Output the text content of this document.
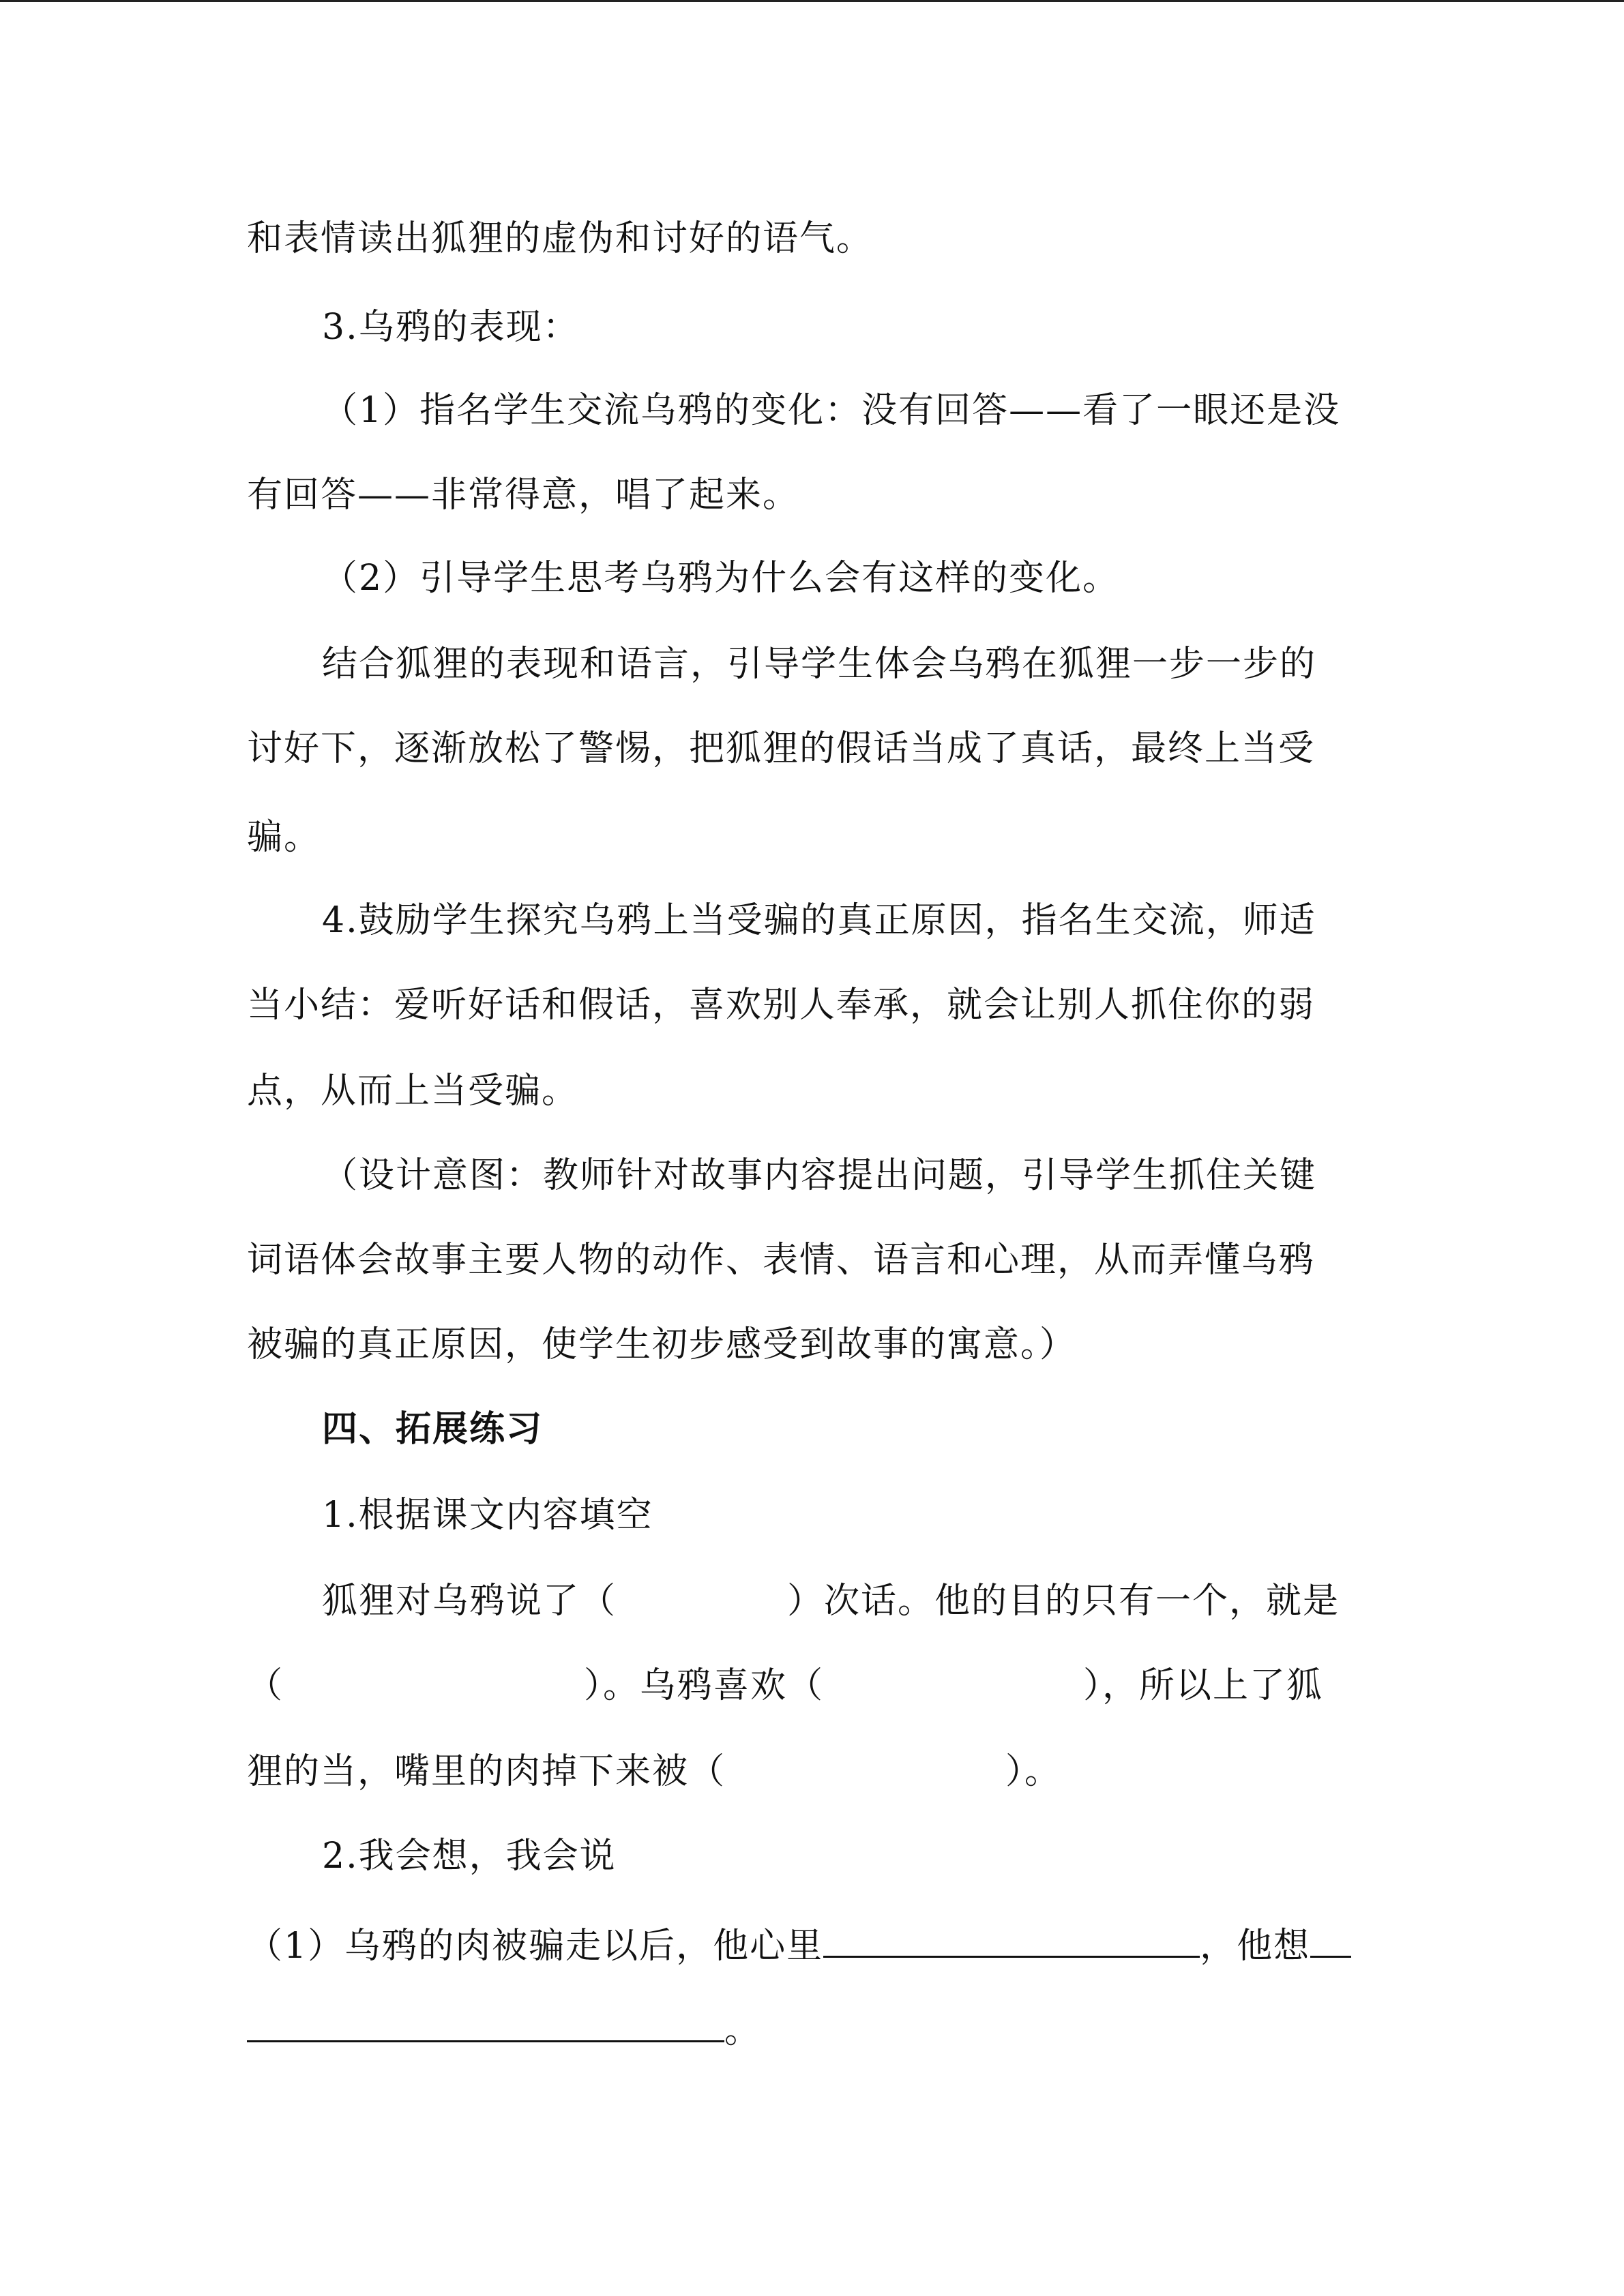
和表情读出狐狸的虚伪和讨好的语气。
3.乌鸦的表现：
（1）指名学生交流乌鸦的变化：没有回答——看了一眼还是没
有回答——非常得意，唱了起来。
（2）引导学生思考乌鸦为什么会有这样的变化。
结合狐狸的表现和语言，引导学生体会乌鸦在狐狸一步一步的
讨好下，逐渐放松了警惕，把狐狸的假话当成了真话，最终上当受
骗。
4.鼓励学生探究乌鸦上当受骗的真正原因，指名生交流，师适
当小结：爱听好话和假话，喜欢别人奉承，就会让别人抓住你的弱
点，从而上当受骗。
（设计意图：教师针对故事内容提出问题，引导学生抓住关键
词语体会故事主要人物的动作、表情、语言和心理，从而弄懂乌鸦
被骗的真正原因，使学生初步感受到故事的寓意。）
四、拓展练习
1.根据课文内容填空
狐狸对乌鸦说了（	）次话。他的目的只有一个，就是
（	）。乌鸦喜欢（	），所以上了狐
狸的当，嘴里的肉掉下来被（	）。
2.我会想，我会说
（1）乌鸦的肉被骗走以后，他心里	，他想
。
